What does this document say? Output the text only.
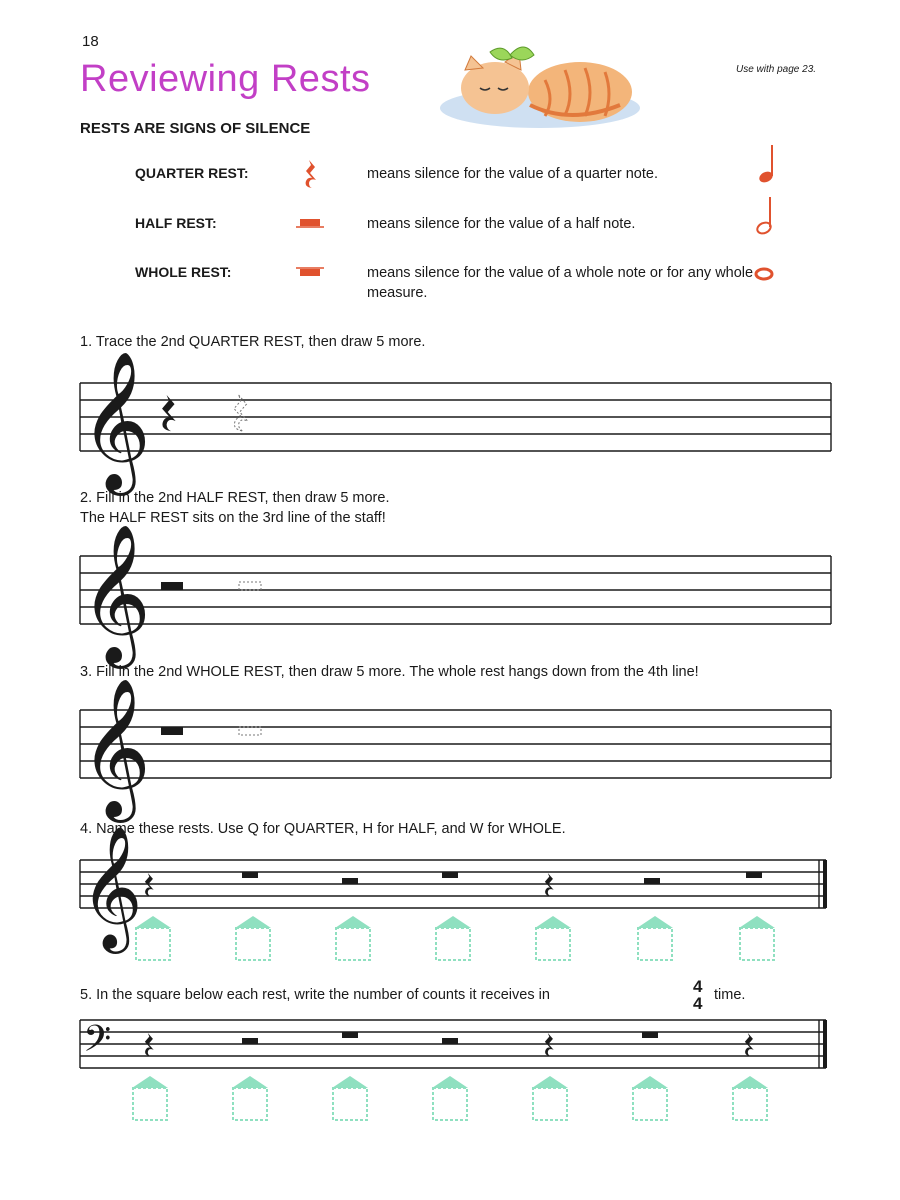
18
Reviewing Rests	Use with page 23.
RESTS ARE SIGNS OF SILENCE
QUARTER REST:	means silence for the value of a quarter note.
HALF REST:	means silence for the value of a half note.
WHOLE REST:	means silence for the value of a whole note or for any whole measure.
1. Trace the 2nd QUARTER REST, then draw 5 more.
2. Fill in the 2nd HALF REST, then draw 5 more.
The HALF REST sits on the 3rd line of the staff!
3. Fill in the 2nd WHOLE REST, then draw 5 more. The whole rest hangs down from the 4th line!
4. Name these rests. Use Q for QUARTER, H for HALF, and W for WHOLE.
5. In the square below each rest, write the number of counts it receives in	4
4 time.
𝄞
𝄞
𝄞
𝄞
𝄢
